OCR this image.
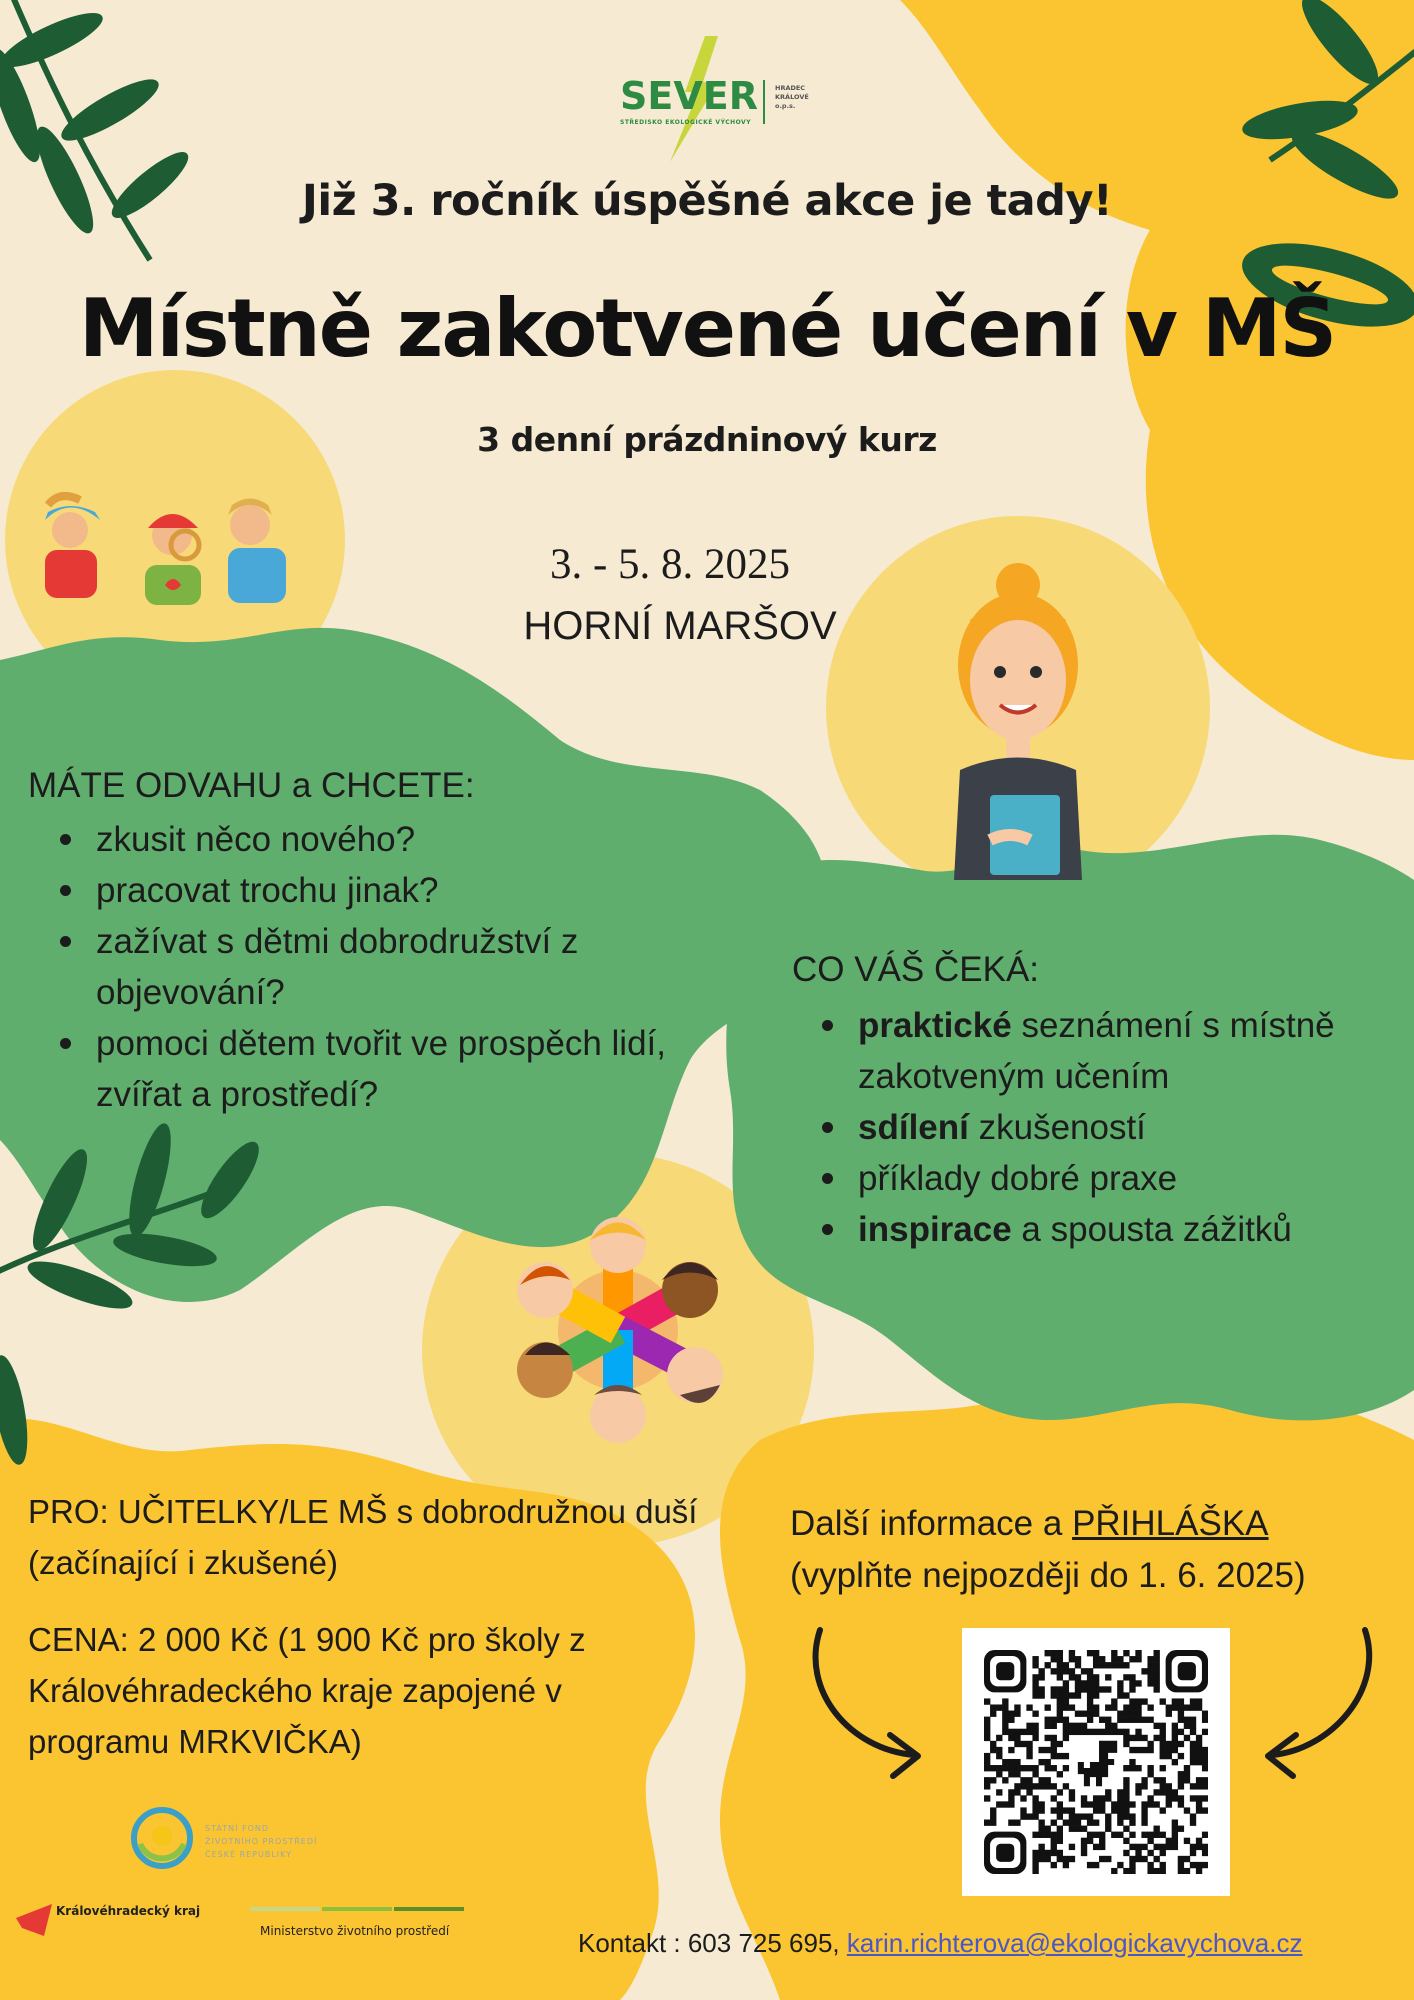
SEVER
STŘEDISKO EKOLOGICKÉ VÝCHOVY
HRADEC
KRÁLOVÉ
o.p.s.
Již 3. ročník úspěšné akce je tady!
Místně zakotvené učení v MŠ
3 denní prázdninový kurz
3. - 5. 8. 2025
HORNÍ MARŠOV
MÁTE ODVAHU a CHCETE:
zkusit něco nového?
pracovat trochu jinak?
zažívat s dětmi dobrodružství z objevování?
pomoci dětem tvořit ve prospěch lidí, zvířat a prostředí?
CO VÁŠ ČEKÁ:
praktické seznámení s místně zakotveným učením
sdílení zkušeností
příklady dobré praxe
inspirace a spousta zážitků
PRO: UČITELKY/LE MŠ s dobrodružnou duší (začínající i zkušené)
CENA: 2 000 Kč (1 900 Kč pro školy z Královéhradeckého kraje zapojené v programu MRKVIČKA)
Další informace a PŘIHLÁŠKA
(vyplňte nejpozději do 1. 6. 2025)
STÁTNÍ FOND
ŽIVOTNÍHO PROSTŘEDÍ
ČESKÉ REPUBLIKY
Královéhradecký kraj
Ministerstvo životního prostředí	Kontakt : 603 725 695, karin.richterova@ekologickavychova.cz
